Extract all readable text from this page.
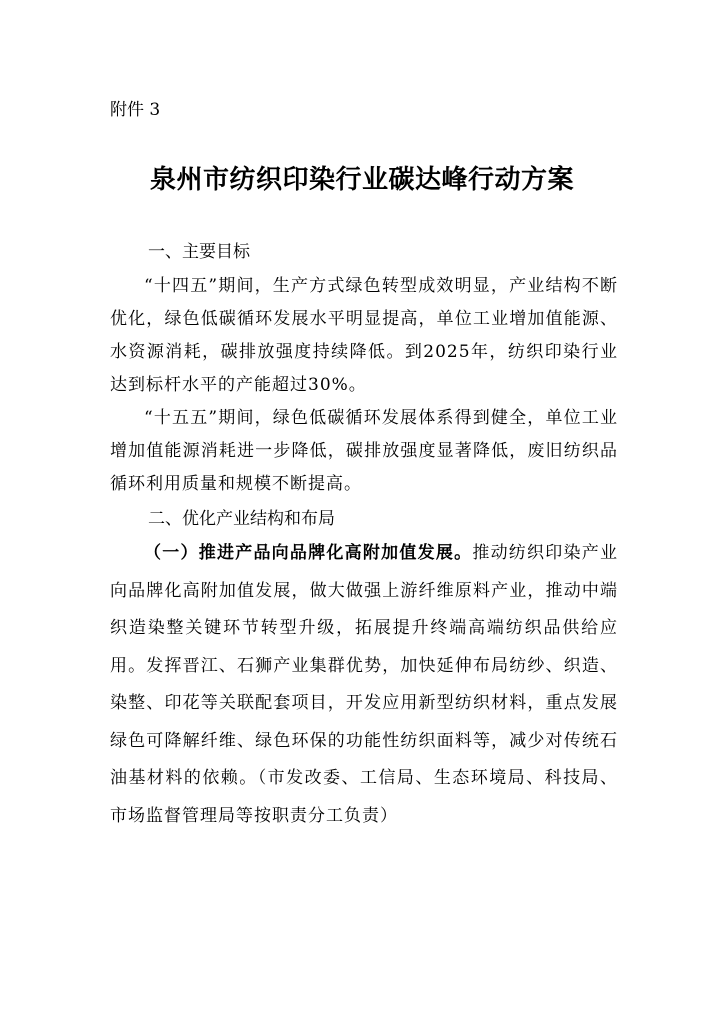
附件 3
泉州市纺织印染行业碳达峰行动方案

一、主要目标

“十四五”期间，生产方式绿色转型成效明显，产业结构不断优化，绿色低碳循环发展水平明显提高，单位工业增加值能源、水资源消耗，碳排放强度持续降低。到2025年，纺织印染行业达到标杆水平的产能超过30%。

“十五五”期间，绿色低碳循环发展体系得到健全，单位工业增加值能源消耗进一步降低，碳排放强度显著降低，废旧纺织品循环利用质量和规模不断提高。

二、优化产业结构和布局

（一）推进产品向品牌化高附加值发展。推动纺织印染产业向品牌化高附加值发展，做大做强上游纤维原料产业，推动中端织造染整关键环节转型升级，拓展提升终端高端纺织品供给应用。发挥晋江、石狮产业集群优势，加快延伸布局纺纱、织造、染整、印花等关联配套项目，开发应用新型纺织材料，重点发展绿色可降解纤维、绿色环保的功能性纺织面料等，减少对传统石油基材料的依赖。（市发改委、工信局、生态环境局、科技局、市场监督管理局等按职责分工负责）
